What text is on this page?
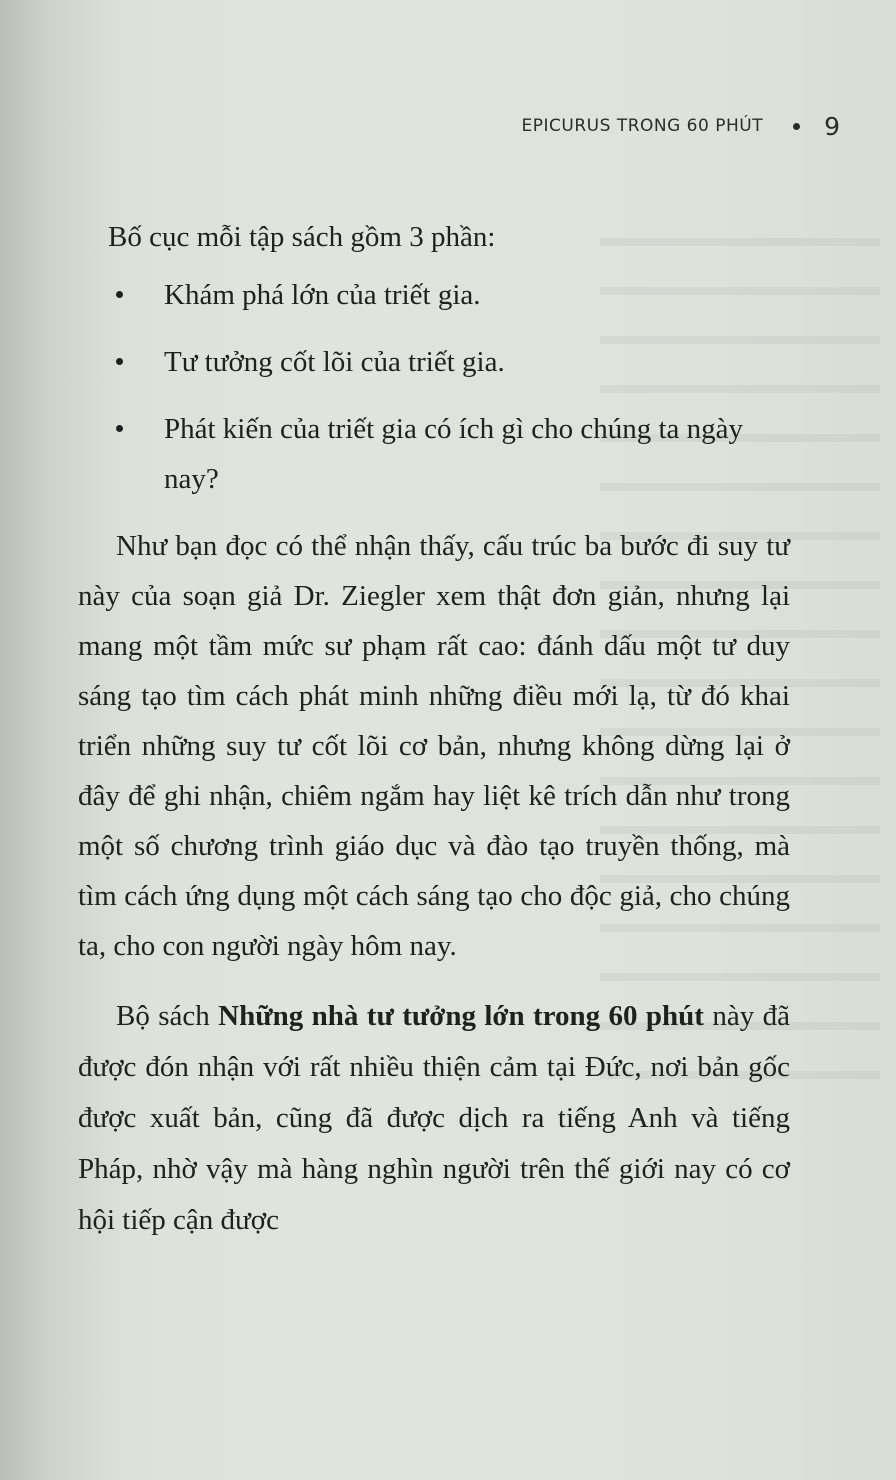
EPICURUS TRONG 60 PHÚT 9

Bố cục mỗi tập sách gồm 3 phần:

Khám phá lớn của triết gia.
Tư tưởng cốt lõi của triết gia.
Phát kiến của triết gia có ích gì cho chúng ta ngày nay?

Như bạn đọc có thể nhận thấy, cấu trúc ba bước đi suy tư này của soạn giả Dr. Ziegler xem thật đơn giản, nhưng lại mang một tầm mức sư phạm rất cao: đánh dấu một tư duy sáng tạo tìm cách phát minh những điều mới lạ, từ đó khai triển những suy tư cốt lõi cơ bản, nhưng không dừng lại ở đây để ghi nhận, chiêm ngắm hay liệt kê trích dẫn như trong một số chương trình giáo dục và đào tạo truyền thống, mà tìm cách ứng dụng một cách sáng tạo cho độc giả, cho chúng ta, cho con người ngày hôm nay.

Bộ sách Những nhà tư tưởng lớn trong 60 phút này đã được đón nhận với rất nhiều thiện cảm tại Đức, nơi bản gốc được xuất bản, cũng đã được dịch ra tiếng Anh và tiếng Pháp, nhờ vậy mà hàng nghìn người trên thế giới nay có cơ hội tiếp cận được
